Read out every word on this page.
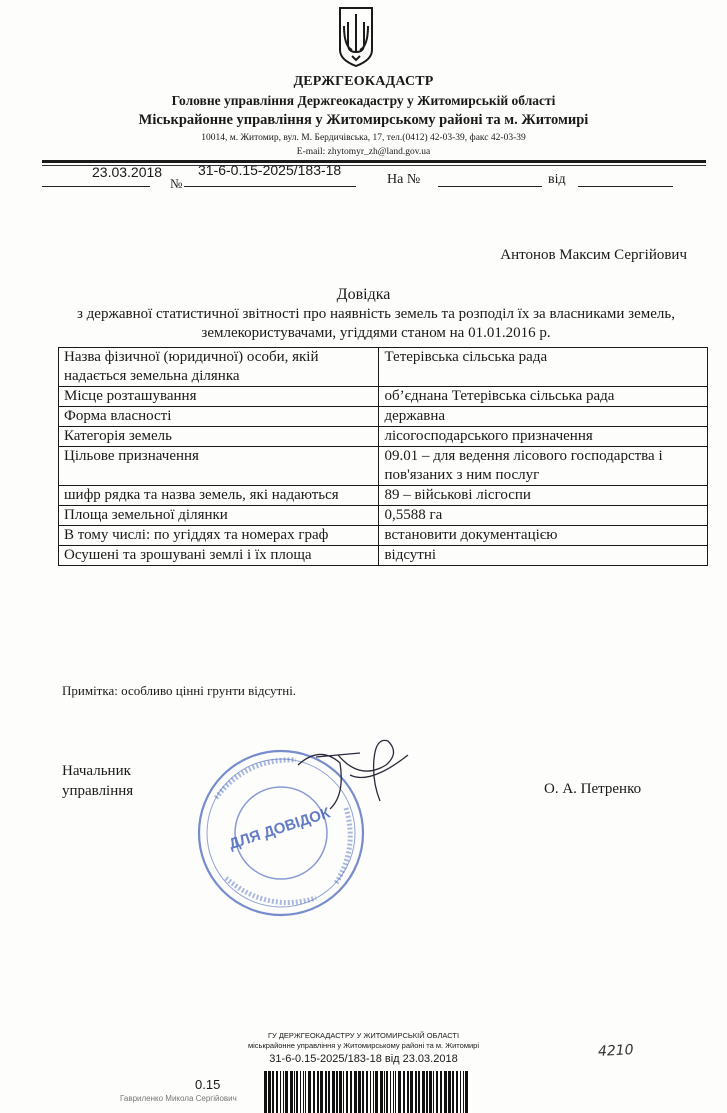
ДЕРЖГЕОКАДАСТР
Головне управління Держгеокадастру у Житомирській області
Міськрайонне управління у Житомирському районі та м. Житомирі
10014, м. Житомир, вул. М. Бердичівська, 17, тел.(0412) 42-03-39, факс 42-03-39
E-mail: zhytomyr_zh@land.gov.ua
23.03.2018
№
31-6-0.15-2025/183-18
На №	від
Антонов Максим Сергійович
Довідка
з державної статистичної звітності про наявність земель та розподіл їх за власниками земель, землекористувачами, угіддями станом на 01.01.2016 р.
Назва фізичної (юридичної) особи, якій надається земельна ділянка	Тетерівська сільська рада
Місце розташування	об’єднана Тетерівська сільська рада
Форма власності	державна
Категорія земель	лісогосподарського призначення
Цільове призначення	09.01 – для ведення лісового господарства і пов'язаних з ним послуг
шифр рядка та назва земель, які надаються	89 – військові лісгоспи
Площа земельної ділянки	0,5588 га
В тому числі: по угіддях та номерах граф	встановити документацією
Осушені та зрошувані землі і їх площа	відсутні
Примітка: особливо цінні грунти відсутні.
Начальник
управління
ДЛЯ ДОВІДОК
О. А. Петренко
ГУ ДЕРЖГЕОКАДАСТРУ У ЖИТОМИРСЬКІЙ ОБЛАСТІ
міськрайонне управління у Житомирському районі та м. Житомирі
31-6-0.15-2025/183-18 від 23.03.2018
0.15
4210
Гавриленко Микола Сергійович
